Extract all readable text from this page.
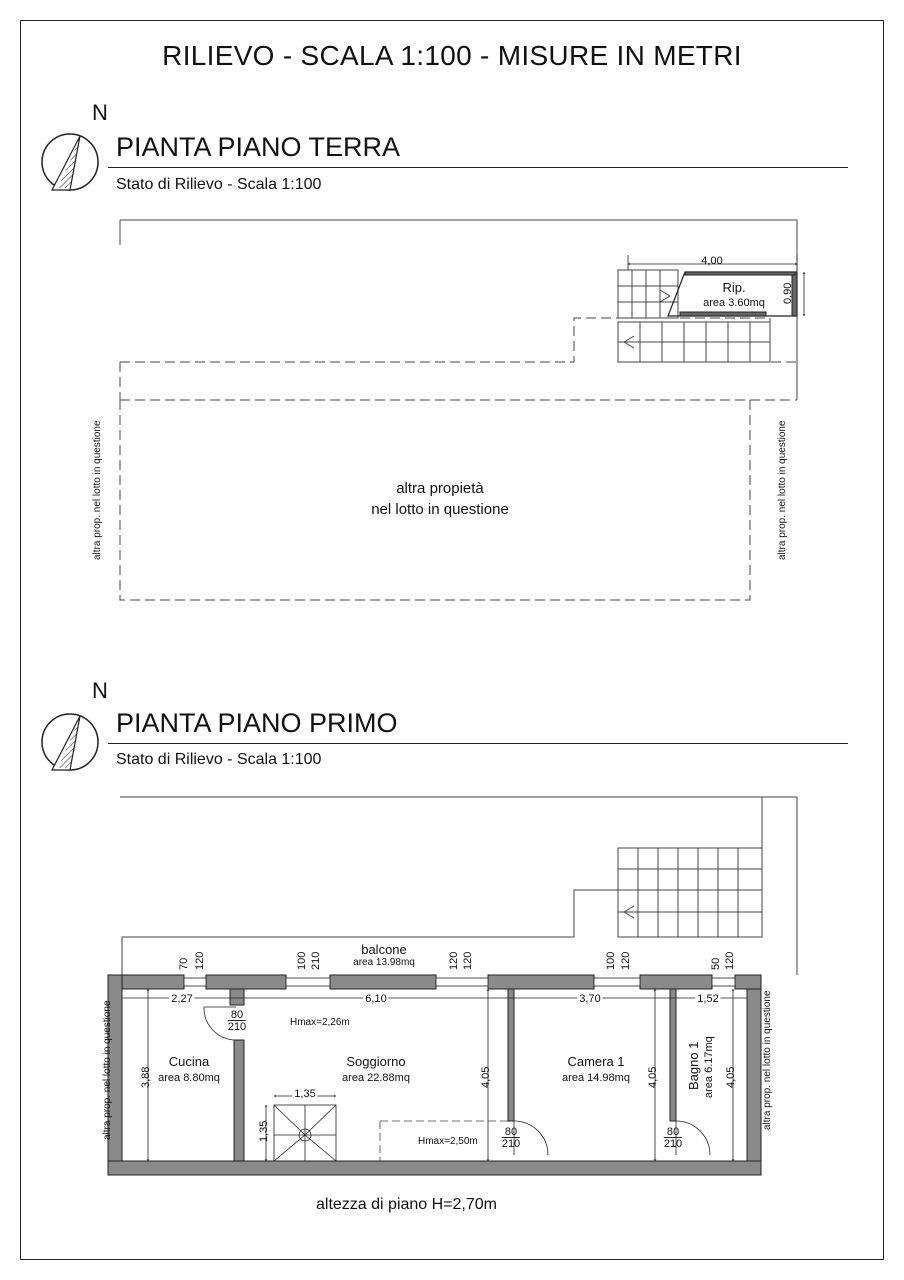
RILIEVO - SCALA 1:100 - MISURE IN METRI
N
PIANTA PIANO TERRA
Stato di Rilievo - Scala 1:100
N
PIANTA PIANO PRIMO
Stato di Rilievo - Scala 1:100
4,00
Rip.
area 3.60mq 0,90
altra propietà
nel lotto in questione
altra prop. nel lotto in questione	altra prop. nel lotto in questione
balcone
area 13.98mq
70 120	100 210	120 120	100 120	50 120
2,27	6,10	3,70	1,52
80
210
80
210
80
210
Hmax=2,26m
Hmax=2,50m
Cucina
area 8.80mq
3,88
Soggiorno
area 22.88mq	4,05
Camera 1
area 14.98mq 4,05 Bagno 1 area 6.17mq 4,05
1,35
1,35
altra prop. nel lotto in questione	altra prop. nel lotto in questione
altezza di piano H=2,70m
